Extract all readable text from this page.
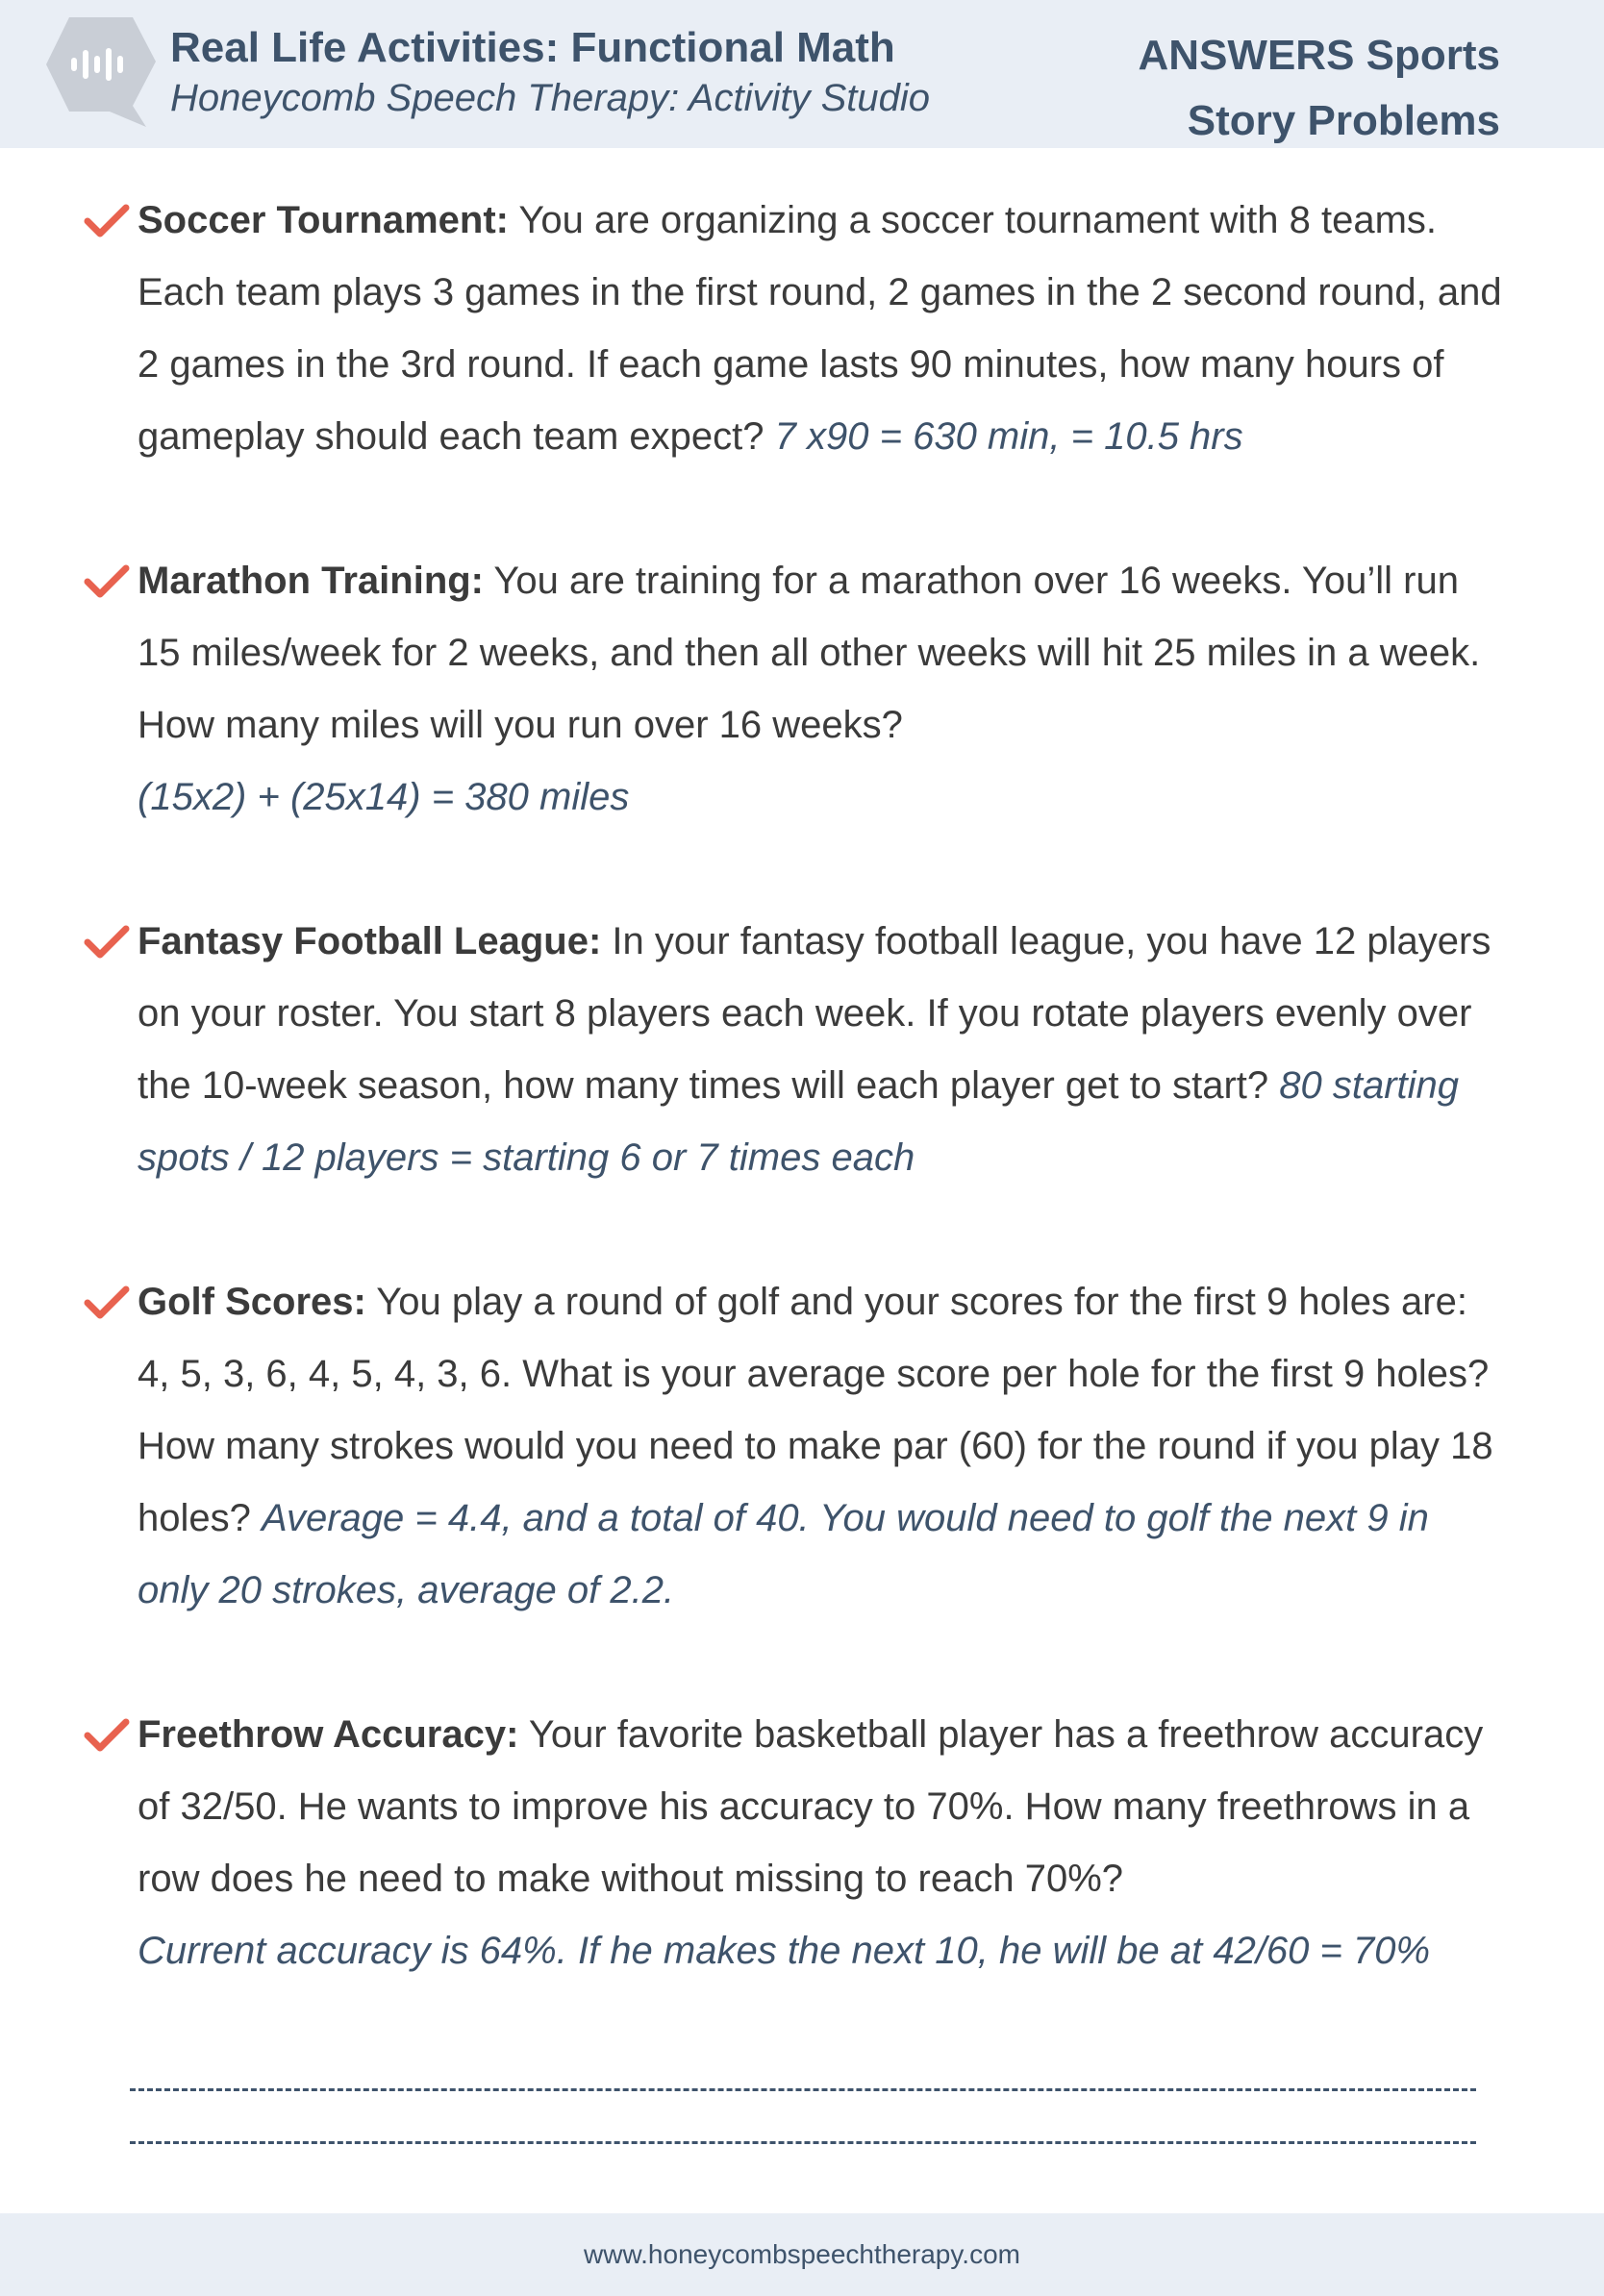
Real Life Activities: Functional Math
Honeycomb Speech Therapy: Activity Studio
ANSWERS Sports
Story Problems
Soccer Tournament: You are organizing a soccer tournament with 8 teams. Each team plays 3 games in the first round, 2 games in the 2 second round, and 2 games in the 3rd round. If each game lasts 90 minutes, how many hours of gameplay should each team expect? 7 x90 = 630 min, = 10.5 hrs
Marathon Training: You are training for a marathon over 16 weeks. You’ll run 15 miles/week for 2 weeks, and then all other weeks will hit 25 miles in a week. How many miles will you run over 16 weeks?
(15x2) + (25x14) = 380 miles
Fantasy Football League: In your fantasy football league, you have 12 players on your roster. You start 8 players each week. If you rotate players evenly over the 10-week season, how many times will each player get to start? 80 starting spots / 12 players = starting 6 or 7 times each
Golf Scores: You play a round of golf and your scores for the first 9 holes are: 4, 5, 3, 6, 4, 5, 4, 3, 6. What is your average score per hole for the first 9 holes? How many strokes would you need to make par (60) for the round if you play 18 holes? Average = 4.4, and a total of 40. You would need to golf the next 9 in only 20 strokes, average of 2.2.
Freethrow Accuracy: Your favorite basketball player has a freethrow accuracy of 32/50. He wants to improve his accuracy to 70%. How many freethrows in a row does he need to make without missing to reach 70%?
Current accuracy is 64%. If he makes the next 10, he will be at 42/60 = 70%
www.honeycombspeechtherapy.com
